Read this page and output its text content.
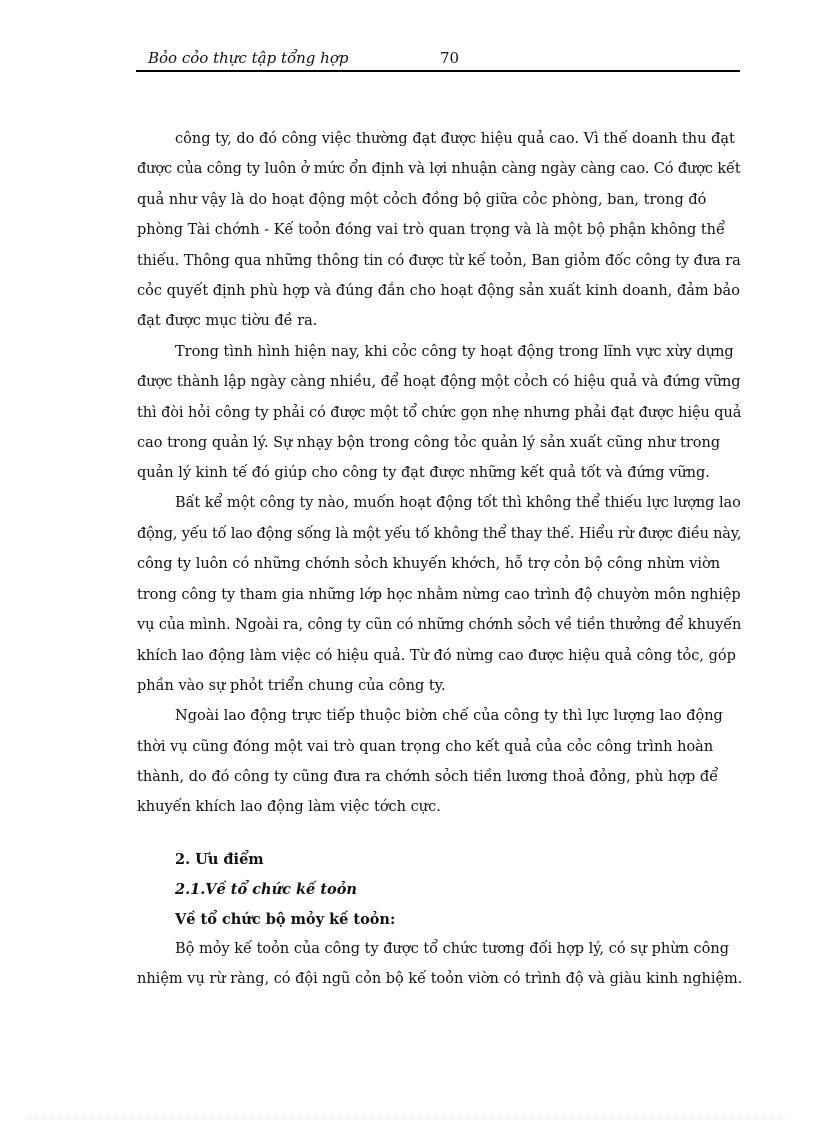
Bỏo cỏo thực tập tổng hợp	70
công ty, do đó công việc thường đạt được hiệu quả cao. Vì thế doanh thu đạt
được của công ty luôn ở mức ổn định và lợi nhuận càng ngày càng cao. Có được kết
quả như vậy là do hoạt động một cỏch đồng bộ giữa cỏc phòng, ban, trong đó
phòng Tài chớnh - Kế toỏn đóng vai trò quan trọng và là một bộ phận không thể
thiếu. Thông qua những thông tin có được từ kế toỏn, Ban giỏm đốc công ty đưa ra
cỏc quyết định phù hợp và đúng đắn cho hoạt động sản xuất kinh doanh, đảm bảo
đạt được mục tiờu đề ra.
Trong tình hình hiện nay, khi cỏc công ty hoạt động trong lĩnh vực xừy dựng
được thành lập ngày càng nhiều, để hoạt động một cỏch có hiệu quả và đứng vững
thì đòi hỏi công ty phải có được một tổ chức gọn nhẹ nhưng phải đạt được hiệu quả
cao trong quản lý. Sự nhạy bộn trong công tỏc quản lý sản xuất cũng như trong
quản lý kinh tế đó giúp cho công ty đạt được những kết quả tốt và đứng vững.
Bất kể một công ty nào, muốn hoạt động tốt thì không thể thiếu lực lượng lao
động, yếu tố lao động sống là một yếu tố không thể thay thế. Hiểu rừ được điều này,
công ty luôn có những chớnh sỏch khuyến khớch, hỗ trợ cỏn bộ công nhừn viờn
trong công ty tham gia những lớp học nhằm nừng cao trình độ chuyờn môn nghiệp
vụ của mình. Ngoài ra, công ty cũn có những chớnh sỏch về tiền thưởng để khuyến
khích lao động làm việc có hiệu quả. Từ đó nừng cao được hiệu quả công tỏc, góp
phần vào sự phỏt triển chung của công ty.
Ngoài lao động trực tiếp thuộc biờn chế của công ty thì lực lượng lao động
thời vụ cũng đóng một vai trò quan trọng cho kết quả của cỏc công trình hoàn
thành, do đó công ty cũng đưa ra chớnh sỏch tiền lương thoả đỏng, phù hợp để
khuyến khích lao động làm việc tớch cực.
2. Ưu điểm
2.1.Về tổ chức kế toỏn
Về tổ chức bộ mỏy kế toỏn:
Bộ mỏy kế toỏn của công ty được tổ chức tương đối hợp lý, có sự phừn công
nhiệm vụ rừ ràng, có đội ngũ cỏn bộ kế toỏn viờn có trình độ và giàu kinh nghiệm.
